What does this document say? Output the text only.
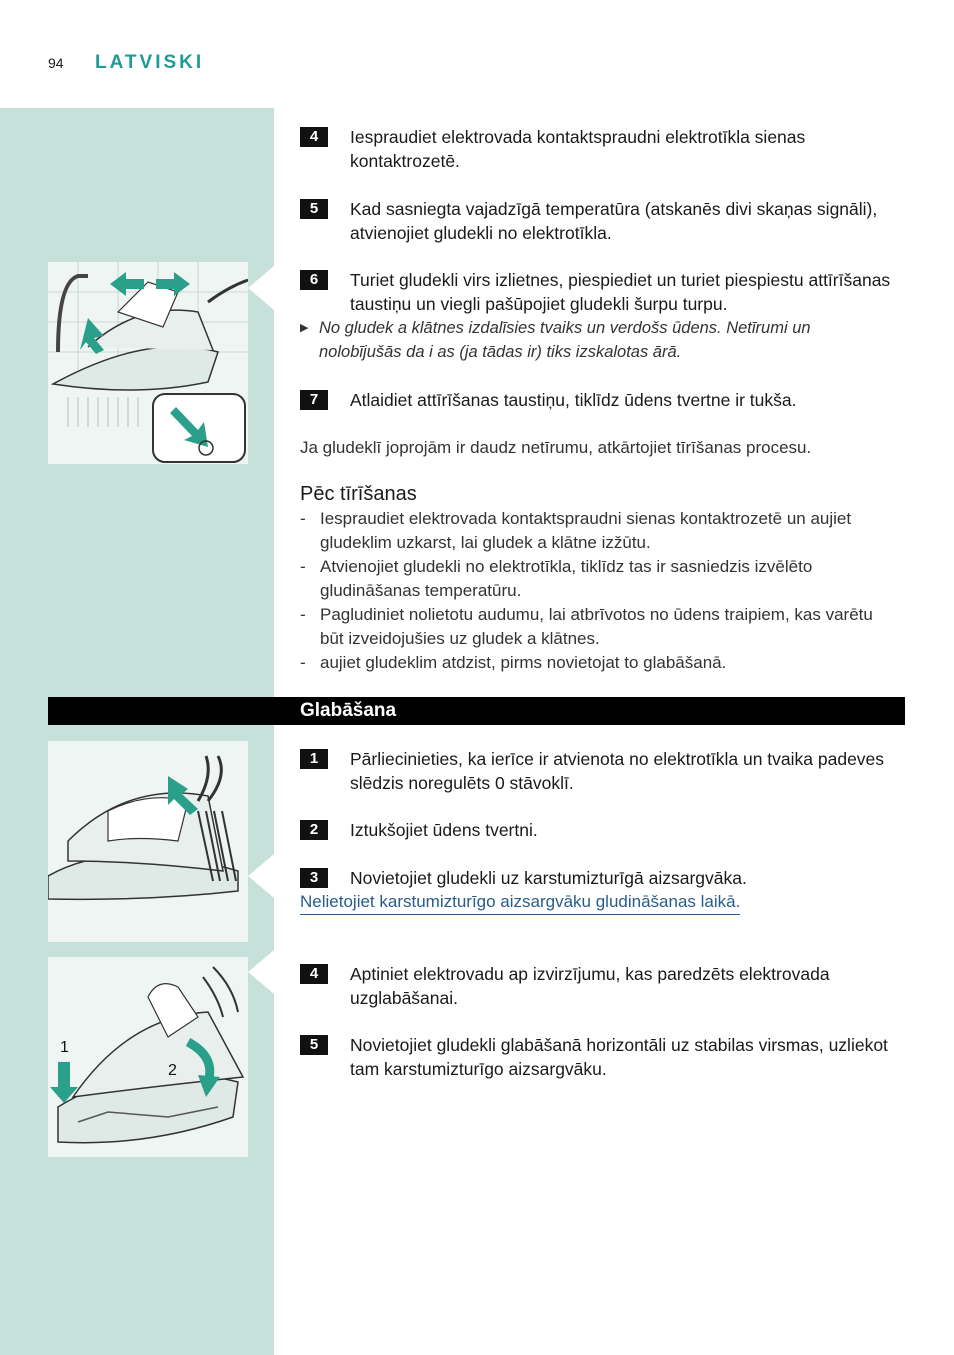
94 LATVISKI
4	Iespraudiet elektrovada kontaktspraudni elektrotīkla sienas kontaktrozetē.
5	Kad sasniegta vajadzīgā temperatūra (atskanēs divi skaņas signāli), atvienojiet gludekli no elektrotīkla.
6	Turiet gludekli virs izlietnes, piespiediet un turiet piespiestu attīrīšanas taustiņu un viegli pašūpojiet gludekli šurpu turpu.
▶ No gludek a klātnes izdalīsies tvaiks un verdošs ūdens. Netīrumi un nolobījušās da i as (ja tādas ir) tiks izskalotas ārā.
7	Atlaidiet attīrīšanas taustiņu, tiklīdz ūdens tvertne ir tukša.
Ja gludeklī joprojām ir daudz netīrumu, atkārtojiet tīrīšanas procesu.
Pēc tīrīšanas
- Iespraudiet elektrovada kontaktspraudni sienas kontaktrozetē un aujiet gludeklim uzkarst, lai gludek a klātne izžūtu.
- Atvienojiet gludekli no elektrotīkla, tiklīdz tas ir sasniedzis izvēlēto gludināšanas temperatūru.
- Pagludiniet nolietotu audumu, lai atbrīvotos no ūdens traipiem, kas varētu būt izveidojušies uz gludek a klātnes.
- aujiet gludeklim atdzist, pirms novietojat to glabāšanā.
Glabāšana
1	Pārliecinieties, ka ierīce ir atvienota no elektrotīkla un tvaika padeves slēdzis noregulēts 0 stāvoklī.
2	Iztukšojiet ūdens tvertni.
3	Novietojiet gludekli uz karstumizturīgā aizsargvāka.
Nelietojiet karstumizturīgo aizsargvāku gludināšanas laikā.
1
2
4	Aptiniet elektrovadu ap izvirzījumu, kas paredzēts elektrovada uzglabāšanai.
5	Novietojiet gludekli glabāšanā horizontāli uz stabilas virsmas, uzliekot tam karstumizturīgo aizsargvāku.
